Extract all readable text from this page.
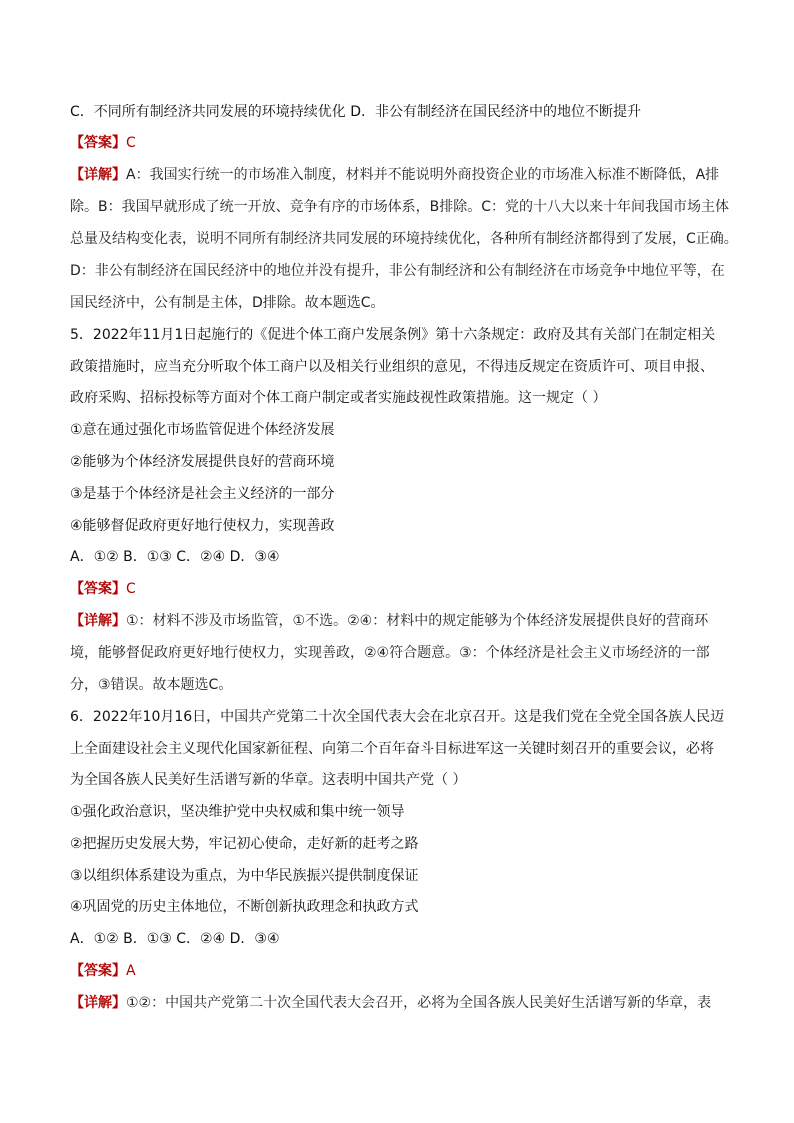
C．不同所有制经济共同发展的环境持续优化 D．非公有制经济在国民经济中的地位不断提升

【答案】C

【详解】A：我国实行统一的市场准入制度，材料并不能说明外商投资企业的市场准入标准不断降低，A排

除。B：我国早就形成了统一开放、竞争有序的市场体系，B排除。C：党的十八大以来十年间我国市场主体

总量及结构变化表，说明不同所有制经济共同发展的环境持续优化，各种所有制经济都得到了发展，C正确。

D：非公有制经济在国民经济中的地位并没有提升，非公有制经济和公有制经济在市场竞争中地位平等，在

国民经济中，公有制是主体，D排除。故本题选C。

5．2022年11月1日起施行的《促进个体工商户发展条例》第十六条规定：政府及其有关部门在制定相关

政策措施时，应当充分听取个体工商户以及相关行业组织的意见，不得违反规定在资质许可、项目申报、

政府采购、招标投标等方面对个体工商户制定或者实施歧视性政策措施。这一规定（ ）

①意在通过强化市场监管促进个体经济发展

②能够为个体经济发展提供良好的营商环境

③是基于个体经济是社会主义经济的一部分

④能够督促政府更好地行使权力，实现善政

A．①② B．①③ C．②④ D．③④

【答案】C

【详解】①：材料不涉及市场监管，①不选。②④：材料中的规定能够为个体经济发展提供良好的营商环

境，能够督促政府更好地行使权力，实现善政，②④符合题意。③：个体经济是社会主义市场经济的一部

分，③错误。故本题选C。

6．2022年10月16日，中国共产党第二十次全国代表大会在北京召开。这是我们党在全党全国各族人民迈

上全面建设社会主义现代化国家新征程、向第二个百年奋斗目标进军这一关键时刻召开的重要会议，必将

为全国各族人民美好生活谱写新的华章。这表明中国共产党（ ）

①强化政治意识，坚决维护党中央权威和集中统一领导

②把握历史发展大势，牢记初心使命，走好新的赶考之路

③以组织体系建设为重点，为中华民族振兴提供制度保证

④巩固党的历史主体地位，不断创新执政理念和执政方式

A．①② B．①③ C．②④ D．③④

【答案】A

【详解】①②：中国共产党第二十次全国代表大会召开，必将为全国各族人民美好生活谱写新的华章，表
